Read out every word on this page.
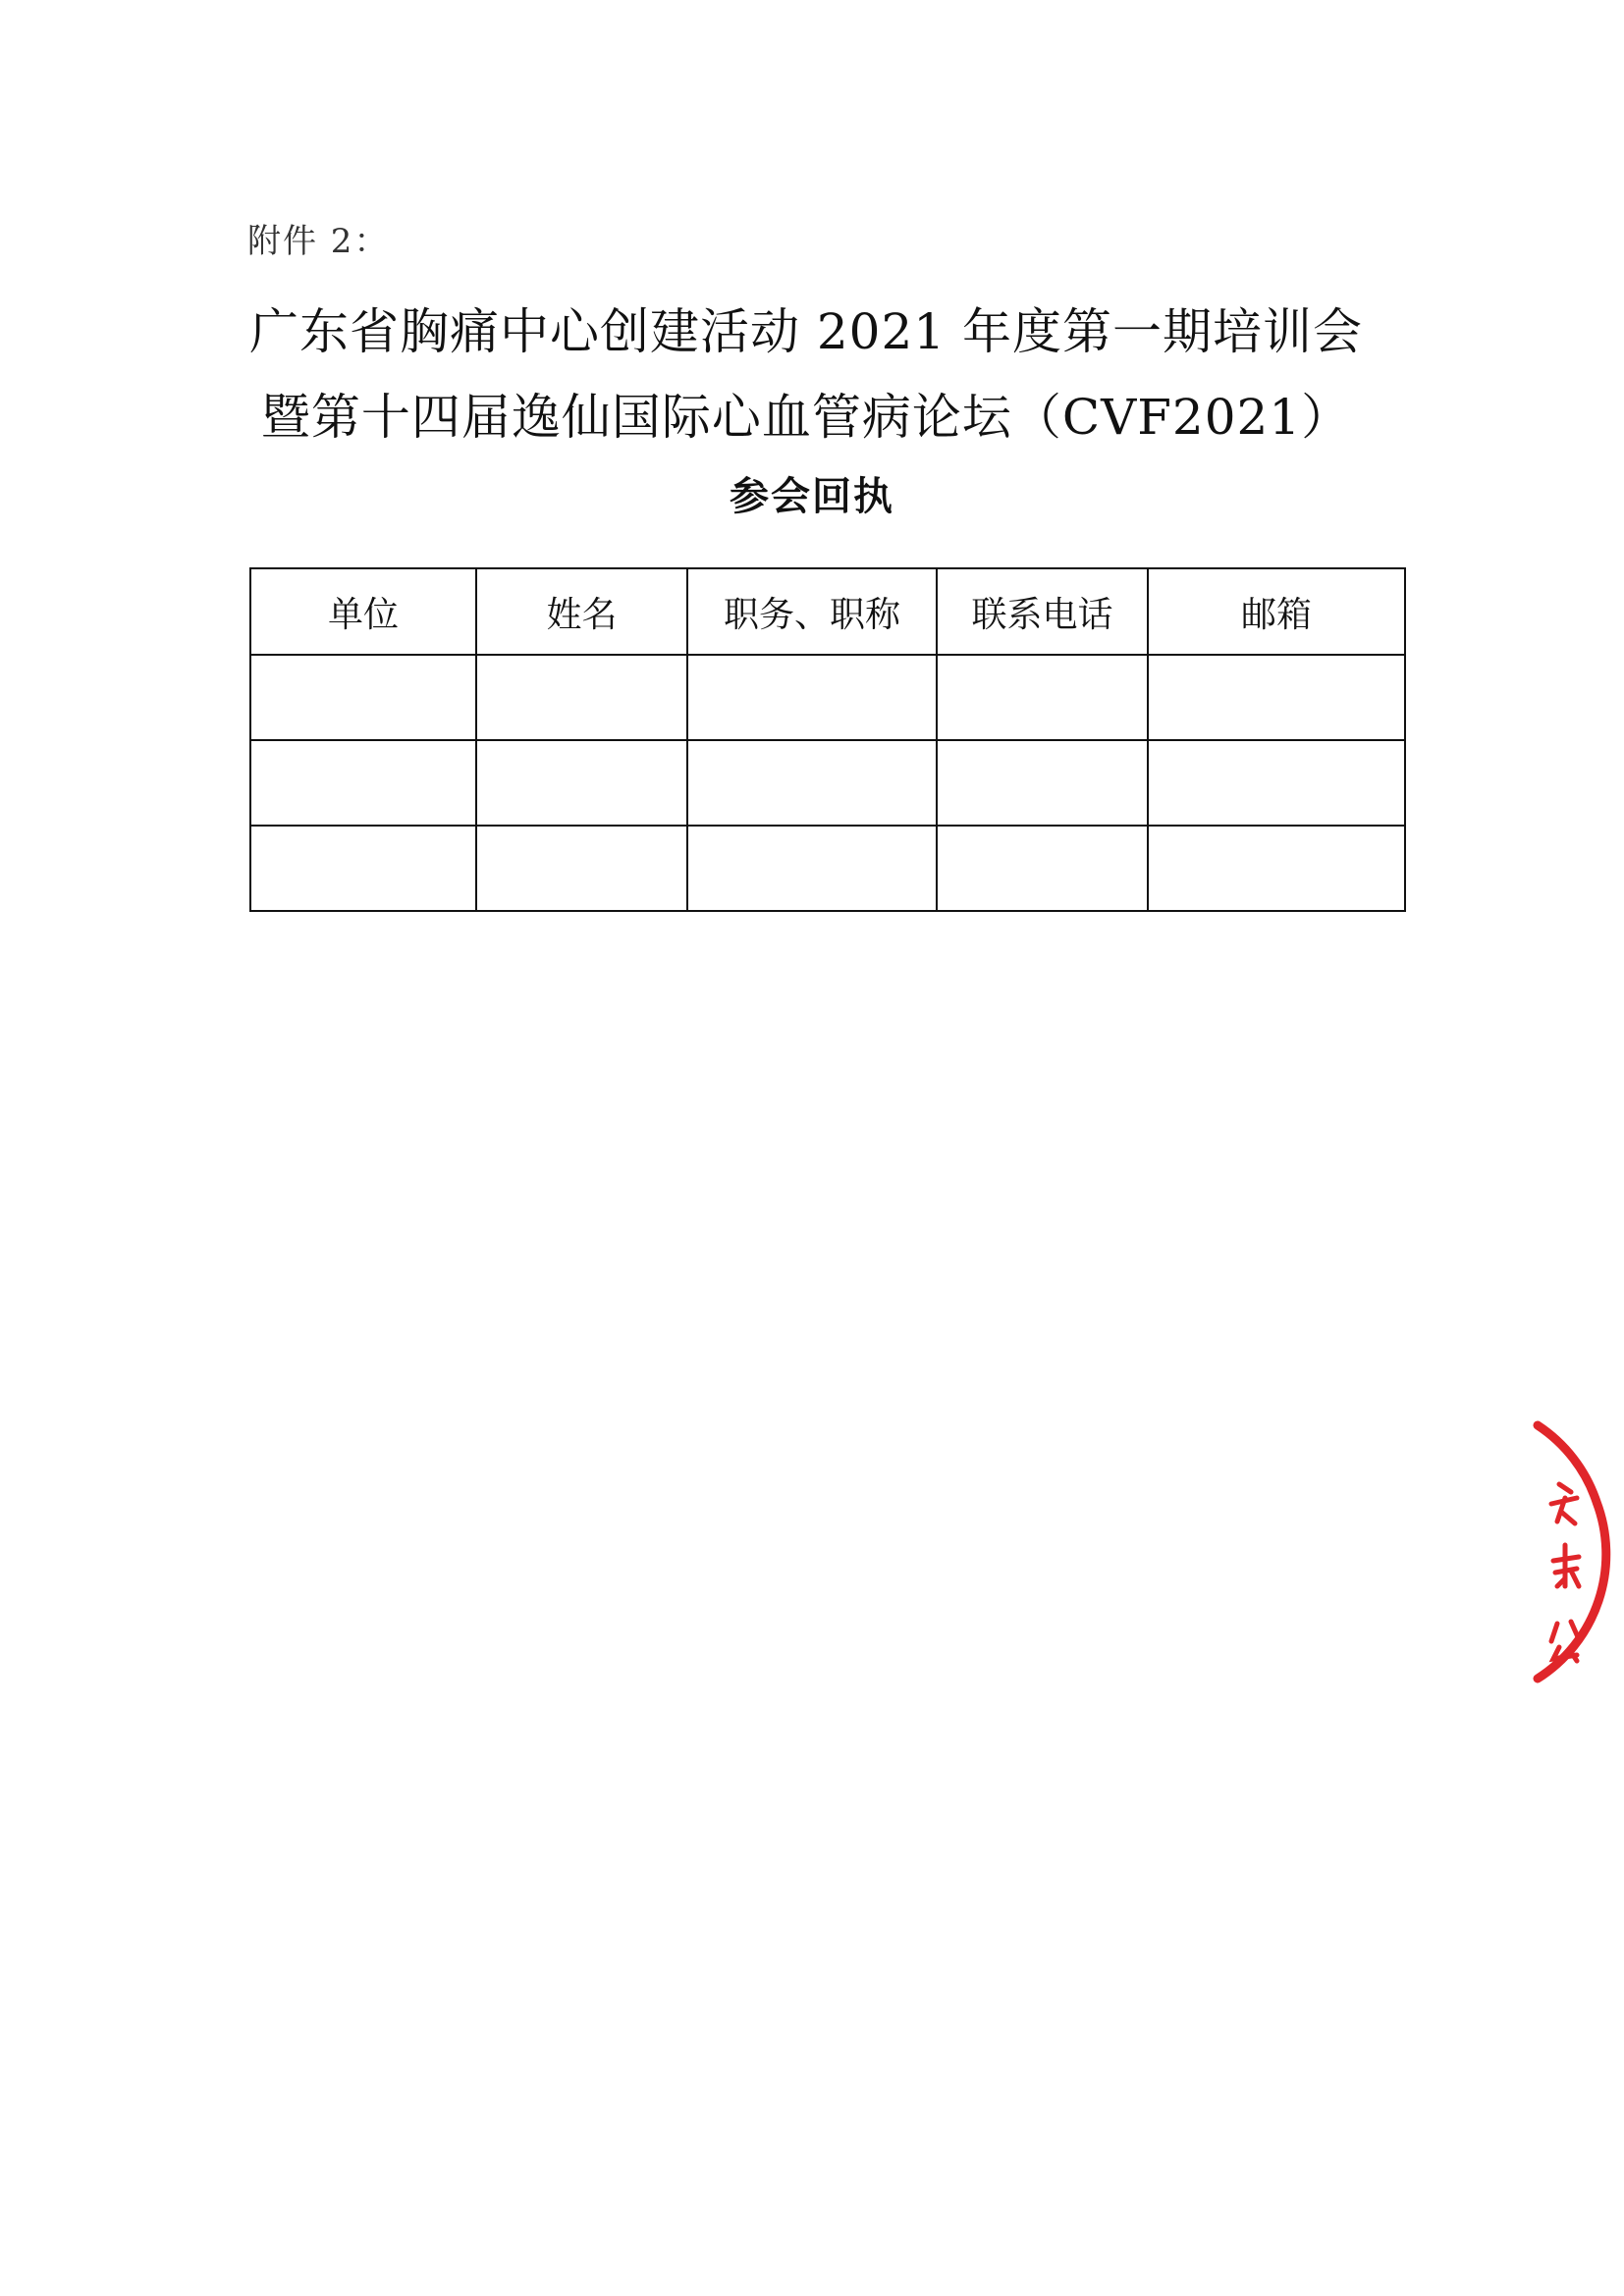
附件 2：
广东省胸痛中心创建活动 2021 年度第一期培训会
暨第十四届逸仙国际心血管病论坛（CVF2021）
参会回执
单位	姓名	职务、职称	联系电话	邮箱
